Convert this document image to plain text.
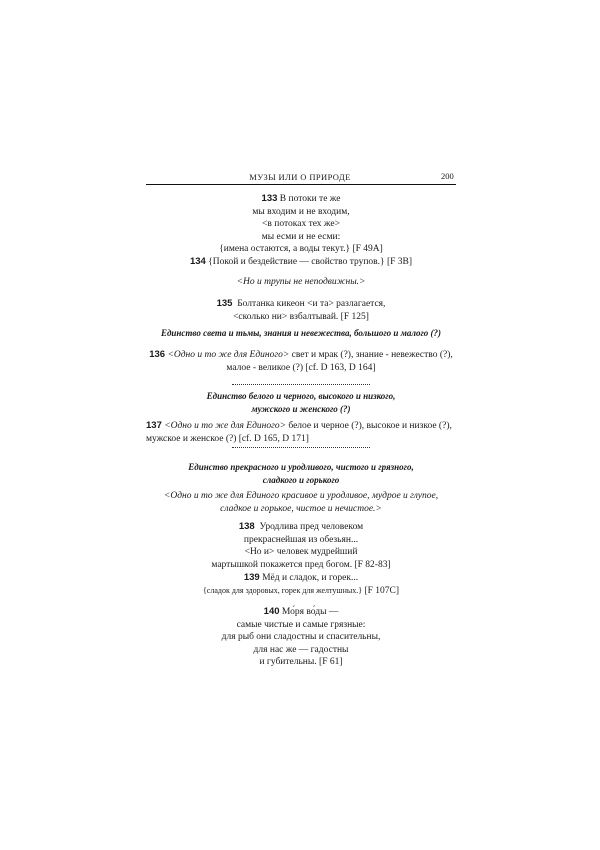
МУЗЫ ИЛИ О ПРИРОДЕ	200
133 В потоки те же
мы входим и не входим,
<в потоках тех же>
мы есми и не есми:
{имена остаются, а воды текут.} [F 49A]
134 {Покой и бездействие — свойство трупов.} [F 3B]
<Но и трупы не неподвижны.>
135 Болтанка кикеон <и та> разлагается,
<сколько ни> взбалтывай. [F 125]
Единство света и тьмы, знания и невежества, большого и малого (?)
136 <Одно и то же для Единого> свет и мрак (?), знание - невежество (?),
малое - великое (?) [cf. D 163, D 164]
Единство белого и черного, высокого и низкого,
мужского и женского (?)
137 <Одно и то же для Единого> белое и черное (?), высокое и низкое (?),
мужское и женское (?) [cf. D 165, D 171]
Единство прекрасного и уродливого, чистого и грязного,
сладкого и горького
<Одно и то же для Единого красивое и уродливое, мудрое и глупое,
сладкое и горькое, чистое и нечистое.>
138 Уродлива пред человеком
прекраснейшая из обезьян...
<Но и> человек мудрейший
мартышкой покажется пред богом. [F 82-83]
139 Мёд и сладок, и горек...
{сладок для здоровых, горек для желтушных.} [F 107C]
140 Мо́ря во́ды —
самые чистые и самые грязные:
для рыб они сладостны и спасительны,
для нас же — гадостны
и губительны. [F 61]
